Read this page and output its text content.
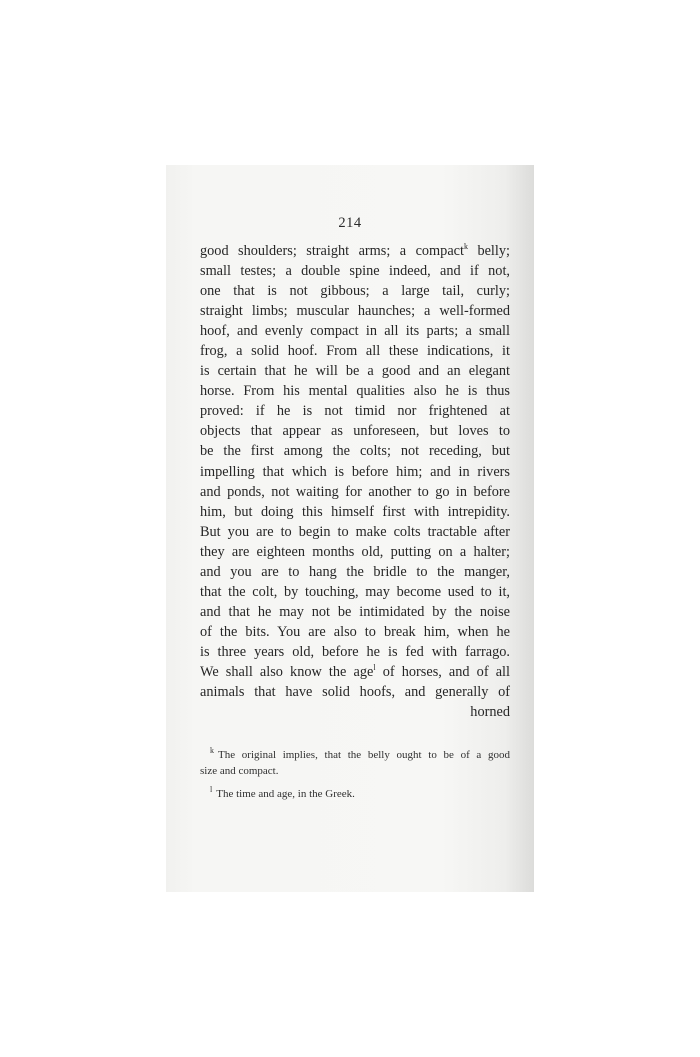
214
good shoulders; straight arms; a compact$^k$ belly;
small testes; a double spine indeed, and if not,
one that is not gibbous; a large tail, curly;
straight limbs; muscular haunches; a well-formed
hoof, and evenly compact in all its parts; a small
frog, a solid hoof. From all these indications, it
is certain that he will be a good and an elegant
horse. From his mental qualities also he is thus
proved: if he is not timid nor frightened at
objects that appear as unforeseen, but loves to
be the first among the colts; not receding, but
impelling that which is before him; and in rivers
and ponds, not waiting for another to go in before
him, but doing this himself first with intrepidity.
But you are to begin to make colts tractable after
they are eighteen months old, putting on a halter;
and you are to hang the bridle to the manger,
that the colt, by touching, may become used to it,
and that he may not be intimidated by the noise
of the bits. You are also to break him, when he
is three years old, before he is fed with farrago.
We shall also know the age$^l$ of horses, and of all
animals that have solid hoofs, and generally of
horned
$^k$ The original implies, that the belly ought to be of a good
size and compact.
$^l$ The time and age, in the Greek.
